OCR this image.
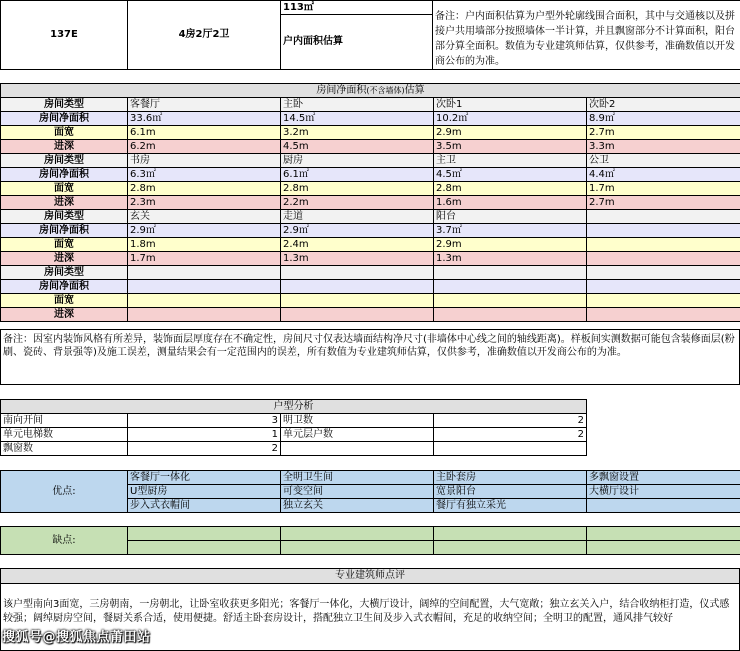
137E	4房2厅2卫	113㎡	备注：户内面积估算为户型外轮廓线围合面积，其中与交通核以及拼接户共用墙部分按照墙体一半计算，并且飘窗部分不计算面积，阳台部分算全面积。数值为专业建筑师估算，仅供参考，准确数值以开发商公布的为准。
户内面积估算
房间净面积(不含墙体)估算				
房间类型	客餐厅	主卧	次卧1	次卧2
房间净面积	33.6㎡	14.5㎡	10.2㎡	8.9㎡
面宽	6.1m	3.2m	2.9m	2.7m
进深	6.2m	4.5m	3.5m	3.3m
房间类型	书房	厨房	主卫	公卫
房间净面积	6.3㎡	6.1㎡	4.5㎡	4.4㎡
面宽	2.8m	2.8m	2.8m	1.7m
进深	2.3m	2.2m	1.6m	2.7m
房间类型	玄关	走道	阳台	
房间净面积	2.9㎡	2.9㎡	3.7㎡	
面宽	1.8m	2.4m	2.9m	
进深	1.7m	1.3m	1.3m	
房间类型				
房间净面积				
面宽				
进深				
备注：因室内装饰风格有所差异，装饰面层厚度存在不确定性，房间尺寸仅表达墙面结构净尺寸(非墙体中心线之间的轴线距离)。样板间实测数据可能包含装修面层(粉刷、瓷砖、背景强等)及施工误差，测量结果会有一定范围内的误差，所有数值为专业建筑师估算，仅供参考，准确数值以开发商公布的为准。
户型分析			
南向开间	3	明卫数	2
单元电梯数	1	单元层户数	2
飘窗数	2		
优点:	客餐厅一体化	全明卫生间	主卧套房	多飘窗设置
	U型厨房	可变空间	宽景阳台	大横厅设计
	步入式衣帽间	独立玄关	餐厅有独立采光	
缺点:				

专业建筑师点评
该户型南向3面宽，三房朝南，一房朝北，让卧室收获更多阳光；客餐厅一体化，大横厅设计，阔绰的空间配置，大气宽敞；独立玄关入户，结合收纳柜打造，仪式感较强；阔绰厨房空间，餐厨关系合适，使用便捷。舒适主卧套房设计，搭配独立卫生间及步入式衣帽间，充足的收纳空间；全明卫的配置，通风排气较好
搜狐号@搜狐焦点莆田站
